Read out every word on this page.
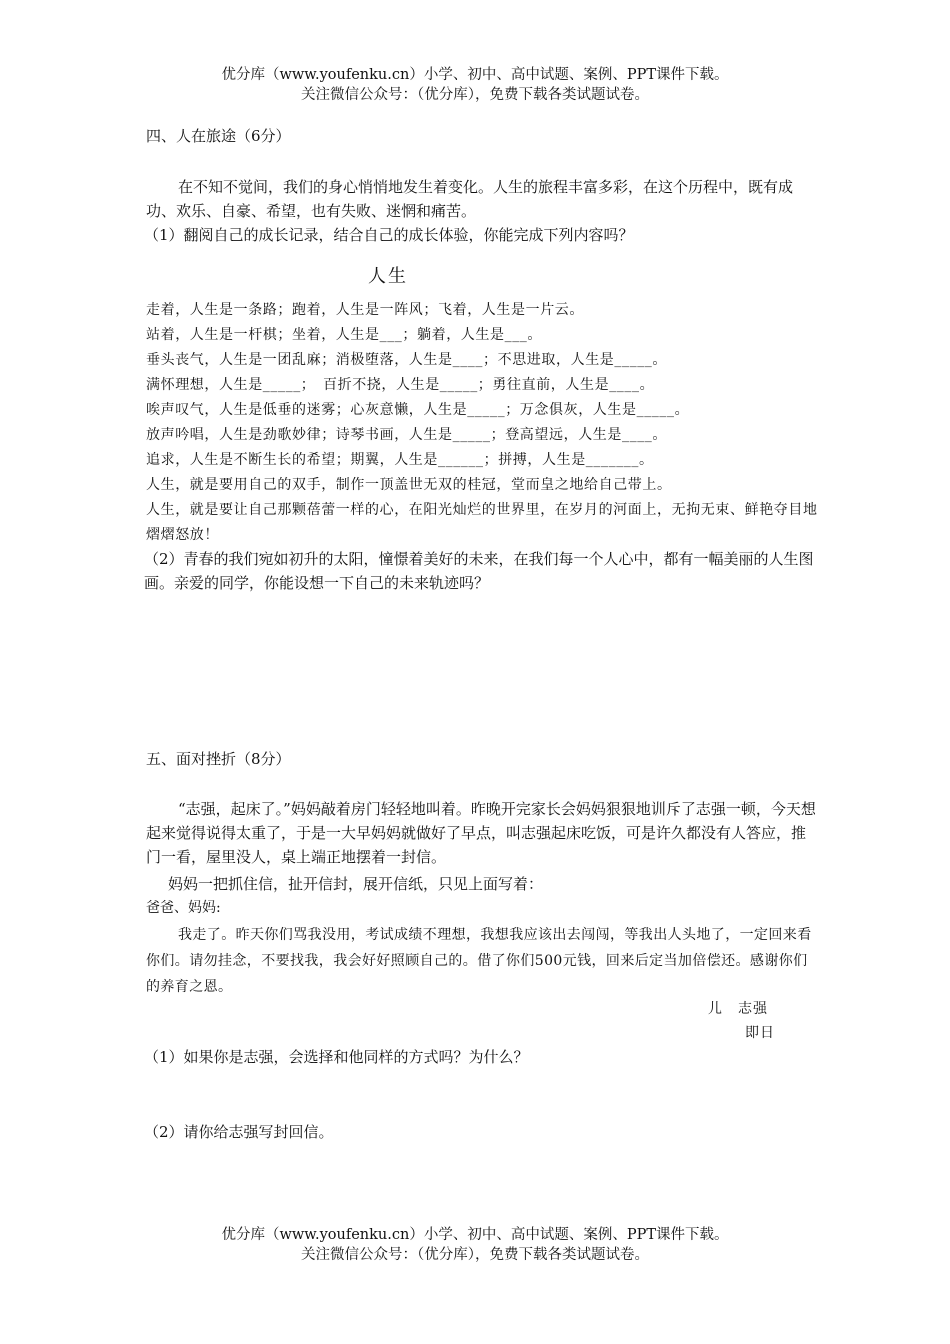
优分库（www.youfenku.cn）小学、初中、高中试题、案例、PPT课件下载。
关注微信公众号：（优分库），免费下载各类试题试卷。
四、人在旅途（6分）
在不知不觉间，我们的身心悄悄地发生着变化。人生的旅程丰富多彩，在这个历程中，既有成功、欢乐、自豪、希望，也有失败、迷惘和痛苦。
（1）翻阅自己的成长记录，结合自己的成长体验，你能完成下列内容吗？
人生
走着，人生是一条路；跑着，人生是一阵风；飞着，人生是一片云。
站着，人生是一杆棋；坐着，人生是___；躺着，人生是___。
垂头丧气，人生是一团乱麻；消极堕落，人生是____；不思进取，人生是_____。
满怀理想，人生是_____；　百折不挠，人生是_____；勇往直前，人生是____。
唉声叹气，人生是低垂的迷雾；心灰意懒，人生是_____；万念俱灰，人生是_____。
放声吟唱，人生是劲歌妙律；诗琴书画，人生是_____；登高望远，人生是____。
追求，人生是不断生长的希望；期翼，人生是______；拼搏，人生是_______。
人生，就是要用自己的双手，制作一顶盖世无双的桂冠，堂而皇之地给自己带上。
人生，就是要让自己那颗蓓蕾一样的心，在阳光灿烂的世界里，在岁月的河面上，无拘无束、鲜艳夺目地熠熠怒放！
（2）青春的我们宛如初升的太阳，憧憬着美好的未来，在我们每一个人心中，都有一幅美丽的人生图画。亲爱的同学，你能设想一下自己的未来轨迹吗？
五、面对挫折（8分）
“志强，起床了。”妈妈敲着房门轻轻地叫着。昨晚开完家长会妈妈狠狠地训斥了志强一顿，今天想起来觉得说得太重了，于是一大早妈妈就做好了早点，叫志强起床吃饭，可是许久都没有人答应，推门一看，屋里没人，桌上端正地摆着一封信。
妈妈一把抓住信，扯开信封，展开信纸，只见上面写着：
爸爸、妈妈:
我走了。昨天你们骂我没用，考试成绩不理想，我想我应该出去闯闯，等我出人头地了，一定回来看你们。请勿挂念，不要找我，我会好好照顾自己的。借了你们500元钱，回来后定当加倍偿还。感谢你们的养育之恩。
儿　志强
即日
（1）如果你是志强，会选择和他同样的方式吗？为什么？
（2）请你给志强写封回信。
优分库（www.youfenku.cn）小学、初中、高中试题、案例、PPT课件下载。
关注微信公众号：（优分库），免费下载各类试题试卷。
